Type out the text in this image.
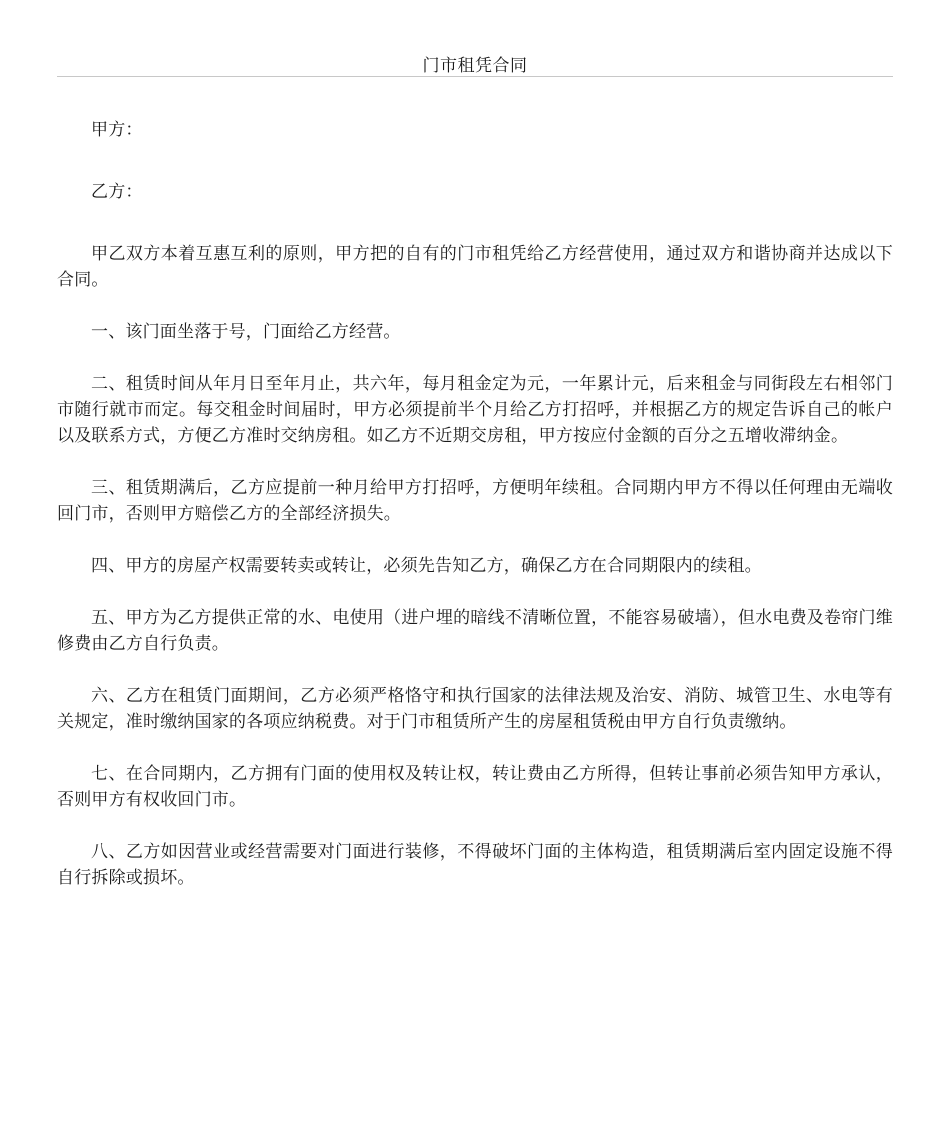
门市租凭合同

甲方：

乙方：

甲乙双方本着互惠互利的原则，甲方把的自有的门市租凭给乙方经营使用，通过双方和谐协商并达成以下合同。

一、该门面坐落于号，门面给乙方经营。

二、租赁时间从年月日至年月止，共六年，每月租金定为元，一年累计元，后来租金与同街段左右相邻门市随行就市而定。每交租金时间届时，甲方必须提前半个月给乙方打招呼，并根据乙方的规定告诉自己的帐户以及联系方式，方便乙方准时交纳房租。如乙方不近期交房租，甲方按应付金额的百分之五增收滞纳金。

三、租赁期满后，乙方应提前一种月给甲方打招呼，方便明年续租。合同期内甲方不得以任何理由无端收回门市，否则甲方赔偿乙方的全部经济损失。

四、甲方的房屋产权需要转卖或转让，必须先告知乙方，确保乙方在合同期限内的续租。

五、甲方为乙方提供正常的水、电使用（进户埋的暗线不清晰位置，不能容易破墙），但水电费及卷帘门维修费由乙方自行负责。

六、乙方在租赁门面期间，乙方必须严格恪守和执行国家的法律法规及治安、消防、城管卫生、水电等有关规定，准时缴纳国家的各项应纳税费。对于门市租赁所产生的房屋租赁税由甲方自行负责缴纳。

七、在合同期内，乙方拥有门面的使用权及转让权，转让费由乙方所得，但转让事前必须告知甲方承认，否则甲方有权收回门市。

八、乙方如因营业或经营需要对门面进行装修，不得破坏门面的主体构造，租赁期满后室内固定设施不得自行拆除或损坏。
